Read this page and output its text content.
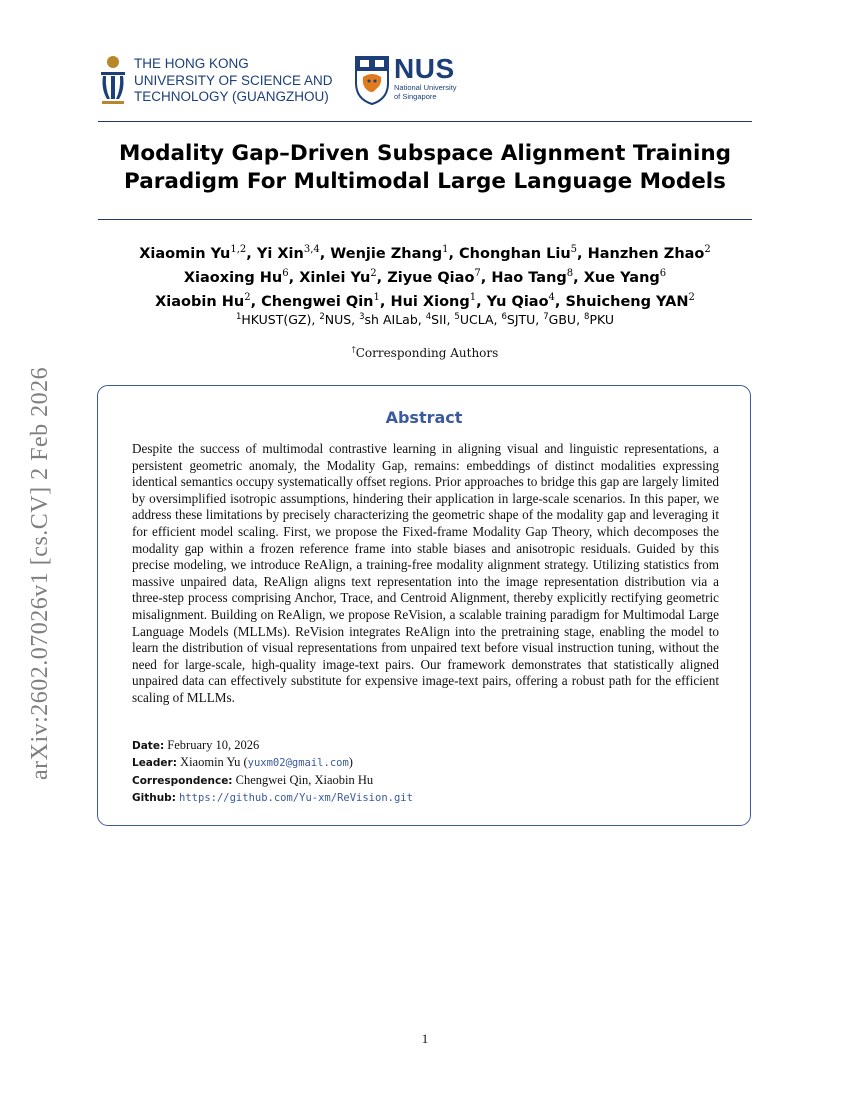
arXiv:2602.07026v1 [cs.CV] 2 Feb 2026
THE HONG KONG
UNIVERSITY OF SCIENCE AND
TECHNOLOGY (GUANGZHOU)
NUS
National University
of Singapore
Modality Gap–Driven Subspace Alignment Training
Paradigm For Multimodal Large Language Models
Xiaomin Yu$^{1,2}$, Yi Xin$^{3,4}$, Wenjie Zhang$^1$, Chonghan Liu$^5$, Hanzhen Zhao$^2$
Xiaoxing Hu$^6$, Xinlei Yu$^2$, Ziyue Qiao$^7$, Hao Tang$^8$, Xue Yang$^6$
Xiaobin Hu$^2$, Chengwei Qin$^1$, Hui Xiong$^1$, Yu Qiao$^4$, Shuicheng YAN$^2$
$^1$HKUST(GZ), $^2$NUS, $^3$sh AILab, $^4$SII, $^5$UCLA, $^6$SJTU, $^7$GBU, $^8$PKU
†Corresponding Authors
Abstract
Despite the success of multimodal contrastive learning in aligning visual and linguistic representations, a persistent geometric anomaly, the Modality Gap, remains: embeddings of distinct modalities expressing identical semantics occupy systematically offset regions. Prior approaches to bridge this gap are largely limited by oversimplified isotropic assumptions, hindering their application in large-scale scenarios. In this paper, we address these limitations by precisely characterizing the geometric shape of the modality gap and leveraging it for efficient model scaling. First, we propose the Fixed-frame Modality Gap Theory, which decomposes the modality gap within a frozen reference frame into stable biases and anisotropic residuals. Guided by this precise modeling, we introduce ReAlign, a training-free modality alignment strategy. Utilizing statistics from massive unpaired data, ReAlign aligns text representation into the image representation distribution via a three-step process comprising Anchor, Trace, and Centroid Alignment, thereby explicitly rectifying geometric misalignment. Building on ReAlign, we propose ReVision, a scalable training paradigm for Multimodal Large Language Models (MLLMs). ReVision integrates ReAlign into the pretraining stage, enabling the model to learn the distribution of visual representations from unpaired text before visual instruction tuning, without the need for large-scale, high-quality image-text pairs. Our framework demonstrates that statistically aligned unpaired data can effectively substitute for expensive image-text pairs, offering a robust path for the efficient scaling of MLLMs.
Date: February 10, 2026
Leader: Xiaomin Yu (yuxm02@gmail.com)
Correspondence: Chengwei Qin, Xiaobin Hu
Github: https://github.com/Yu-xm/ReVision.git
1
